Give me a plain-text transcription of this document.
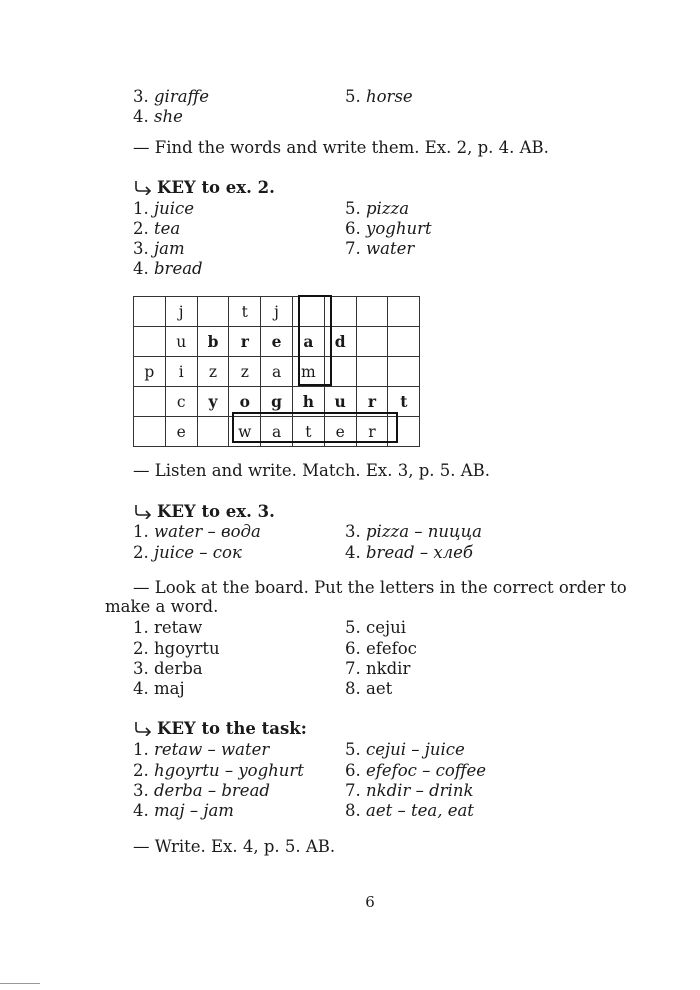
3. giraffe	5. horse
4. she
— Find the words and write them. Ex. 2, p. 4. AB.
KEY to ex. 2.
1. juice
2. tea
3. jam
4. bread
5. pizza
6. yoghurt
7. water
	j		t	j				
	u	b	r	e	a	d		
p	i	z	z	a	m			
	c	y	o	g	h	u	r	t
	e		w	a	t	e	r	
— Listen and write. Match. Ex. 3, p. 5. AB.
KEY to ex. 3.
1. water – вода
2. juice – сок
3. pizza – пицца
4. bread – хлеб
— Look at the board. Put the letters in the correct order to
make a word.
1. retaw
2. hgoyrtu
3. derba
4. maj
5. cejui
6. efefoc
7. nkdir
8. aet
KEY to the task:
1. retaw – water
2. hgoyrtu – yoghurt
3. derba – bread
4. maj – jam
5. cejui – juice
6. efefoc – coffee
7. nkdir – drink
8. aet – tea, eat
— Write. Ex. 4, p. 5. AB.
6
